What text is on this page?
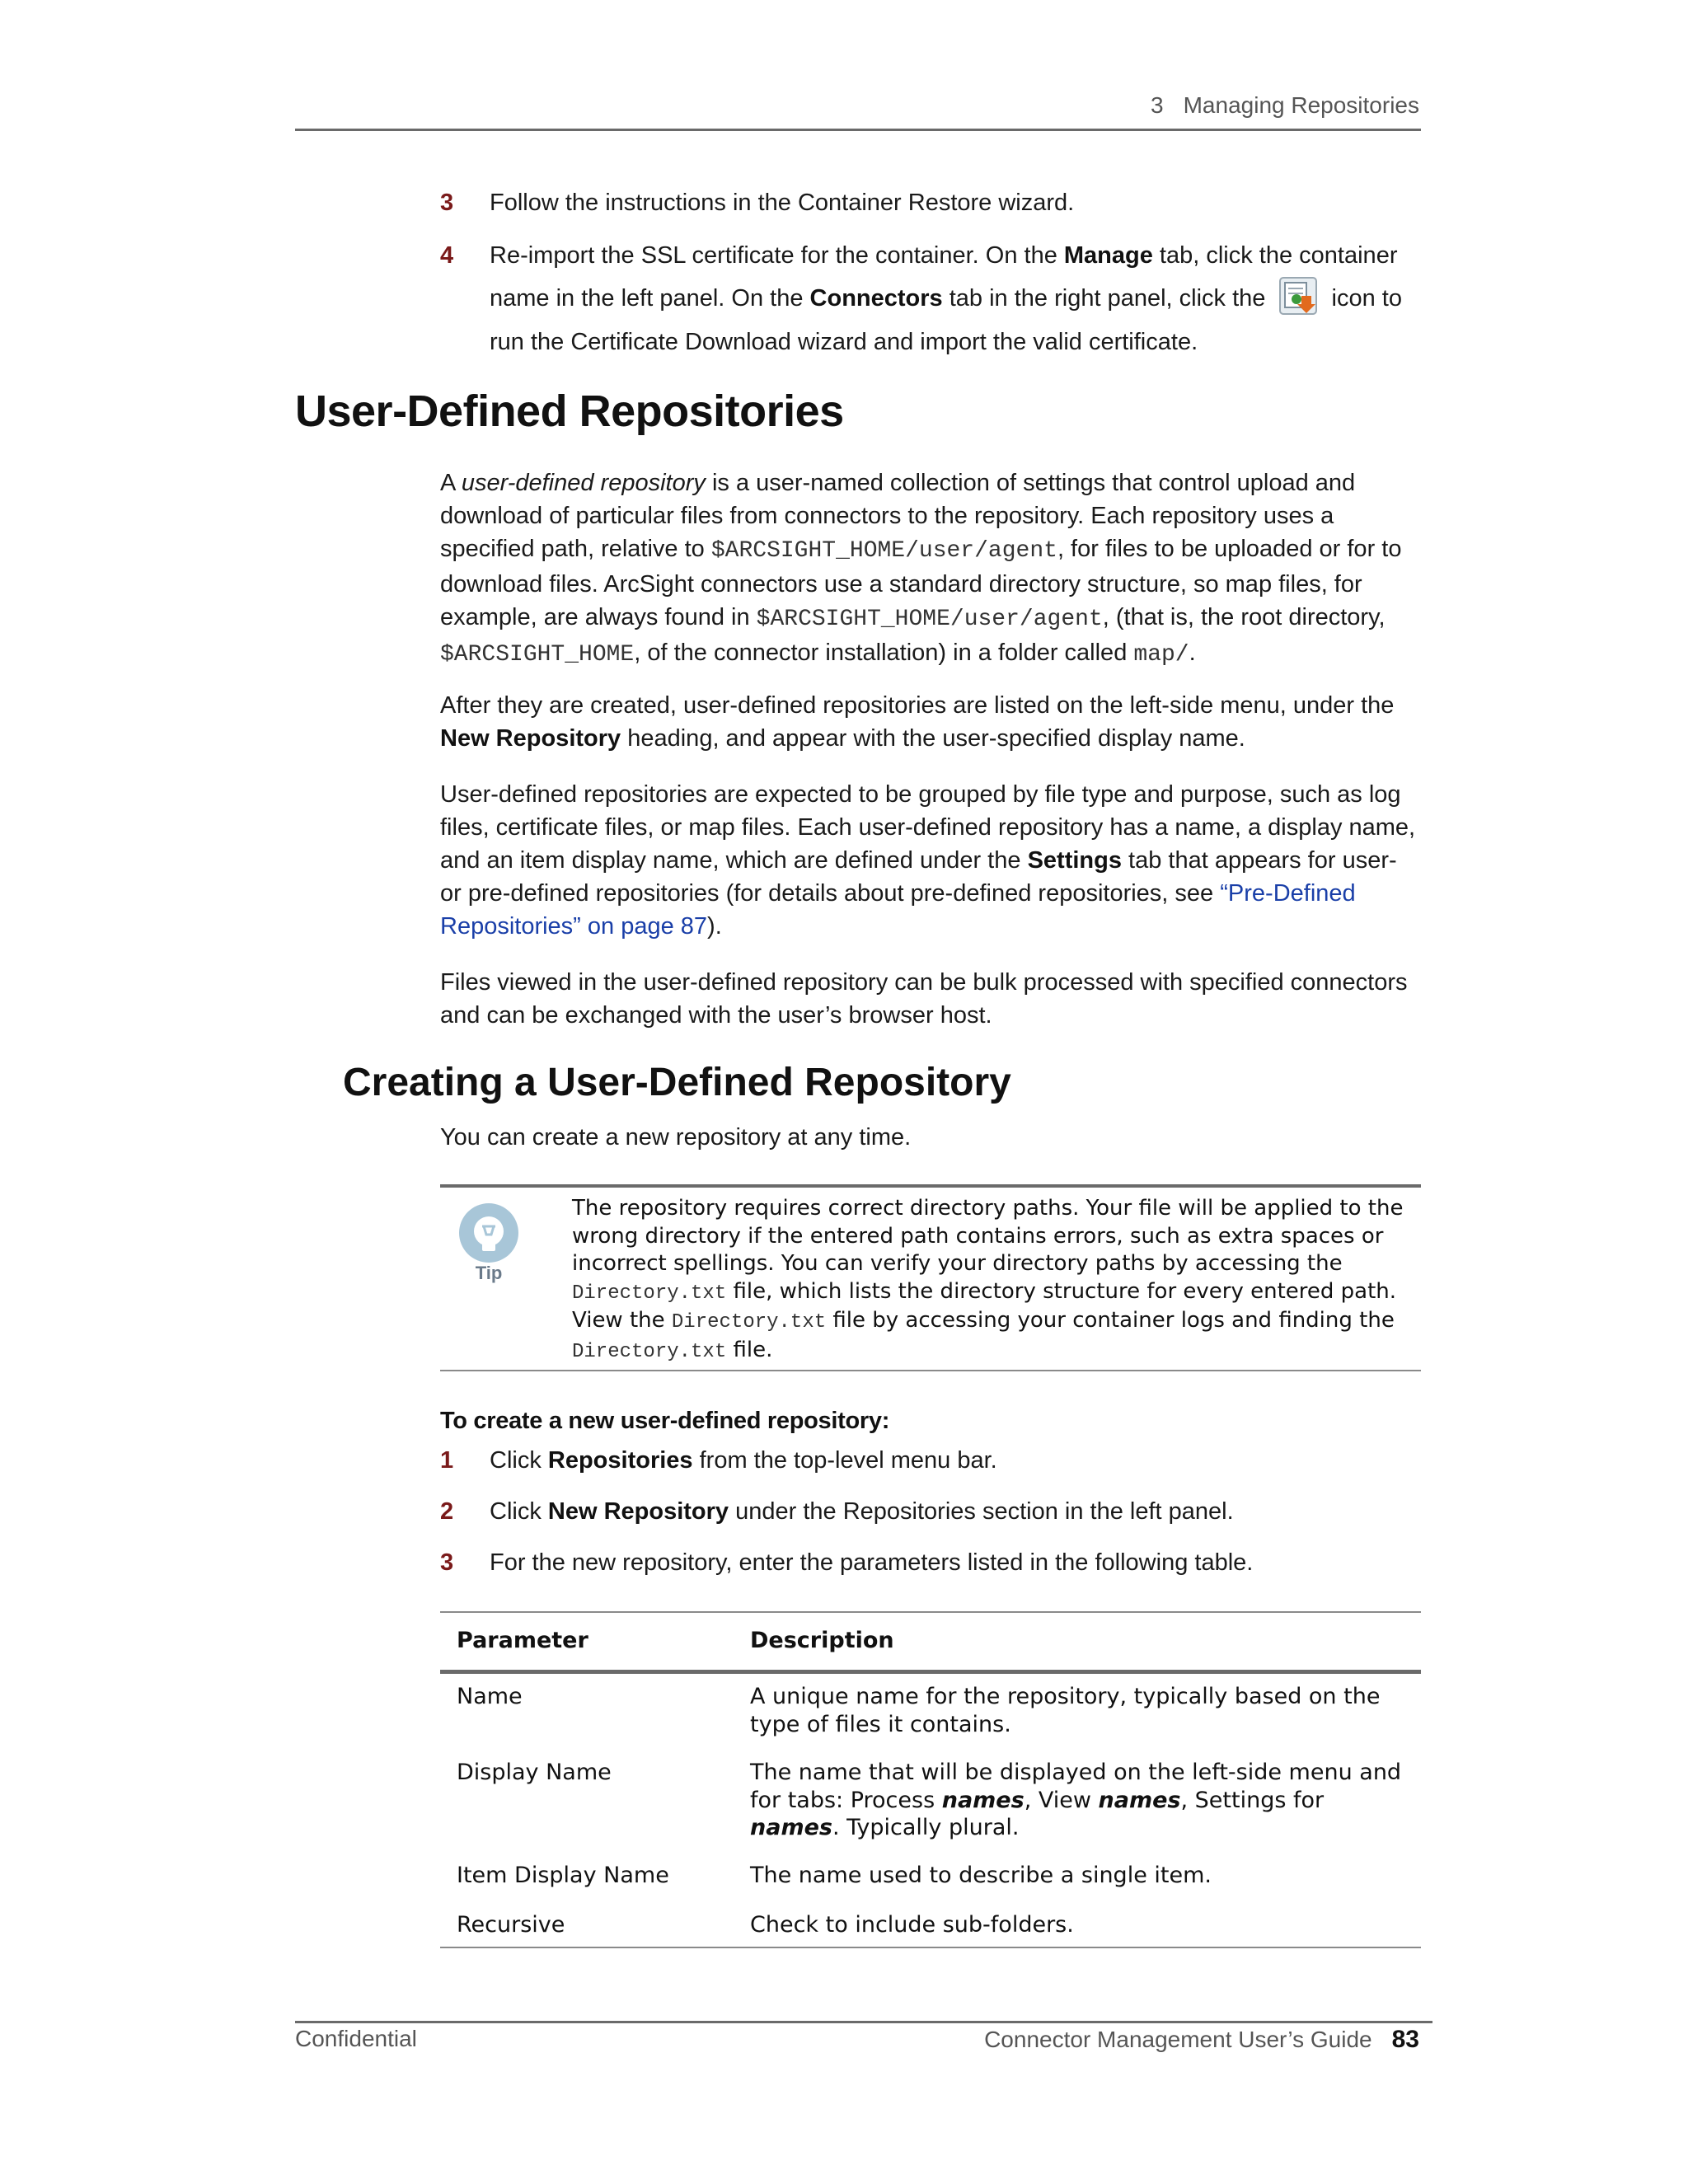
3 Managing Repositories
3	Follow the instructions in the Container Restore wizard.
4	Re-import the SSL certificate for the container. On the Manage tab, click the container name in the left panel. On the Connectors tab in the right panel, click the  icon to run the Certificate Download wizard and import the valid certificate.
User-Defined Repositories
A user-defined repository is a user-named collection of settings that control upload and download of particular files from connectors to the repository. Each repository uses a specified path, relative to $ARCSIGHT_HOME/user/agent, for files to be uploaded or for to download files. ArcSight connectors use a standard directory structure, so map files, for example, are always found in $ARCSIGHT_HOME/user/agent, (that is, the root directory, $ARCSIGHT_HOME, of the connector installation) in a folder called map/.
After they are created, user-defined repositories are listed on the left-side menu, under the New Repository heading, and appear with the user-specified display name.
User-defined repositories are expected to be grouped by file type and purpose, such as log files, certificate files, or map files. Each user-defined repository has a name, a display name, and an item display name, which are defined under the Settings tab that appears for user- or pre-defined repositories (for details about pre-defined repositories, see “Pre-Defined Repositories” on page 87).
Files viewed in the user-defined repository can be bulk processed with specified connectors and can be exchanged with the user’s browser host.
Creating a User-Defined Repository
You can create a new repository at any time.
Tip
The repository requires correct directory paths. Your file will be applied to the wrong directory if the entered path contains errors, such as extra spaces or incorrect spellings. You can verify your directory paths by accessing the Directory.txt file, which lists the directory structure for every entered path. View the Directory.txt file by accessing your container logs and finding the Directory.txt file.
To create a new user-defined repository:
1	Click Repositories from the top-level menu bar.
2	Click New Repository under the Repositories section in the left panel.
3	For the new repository, enter the parameters listed in the following table.
Parameter	Description
Name	A unique name for the repository, typically based on the type of files it contains.
Display Name	The name that will be displayed on the left-side menu and for tabs: Process names, View names, Settings for names. Typically plural.
Item Display Name	The name used to describe a single item.
Recursive	Check to include sub-folders.
Confidential	Connector Management User’s Guide 83
